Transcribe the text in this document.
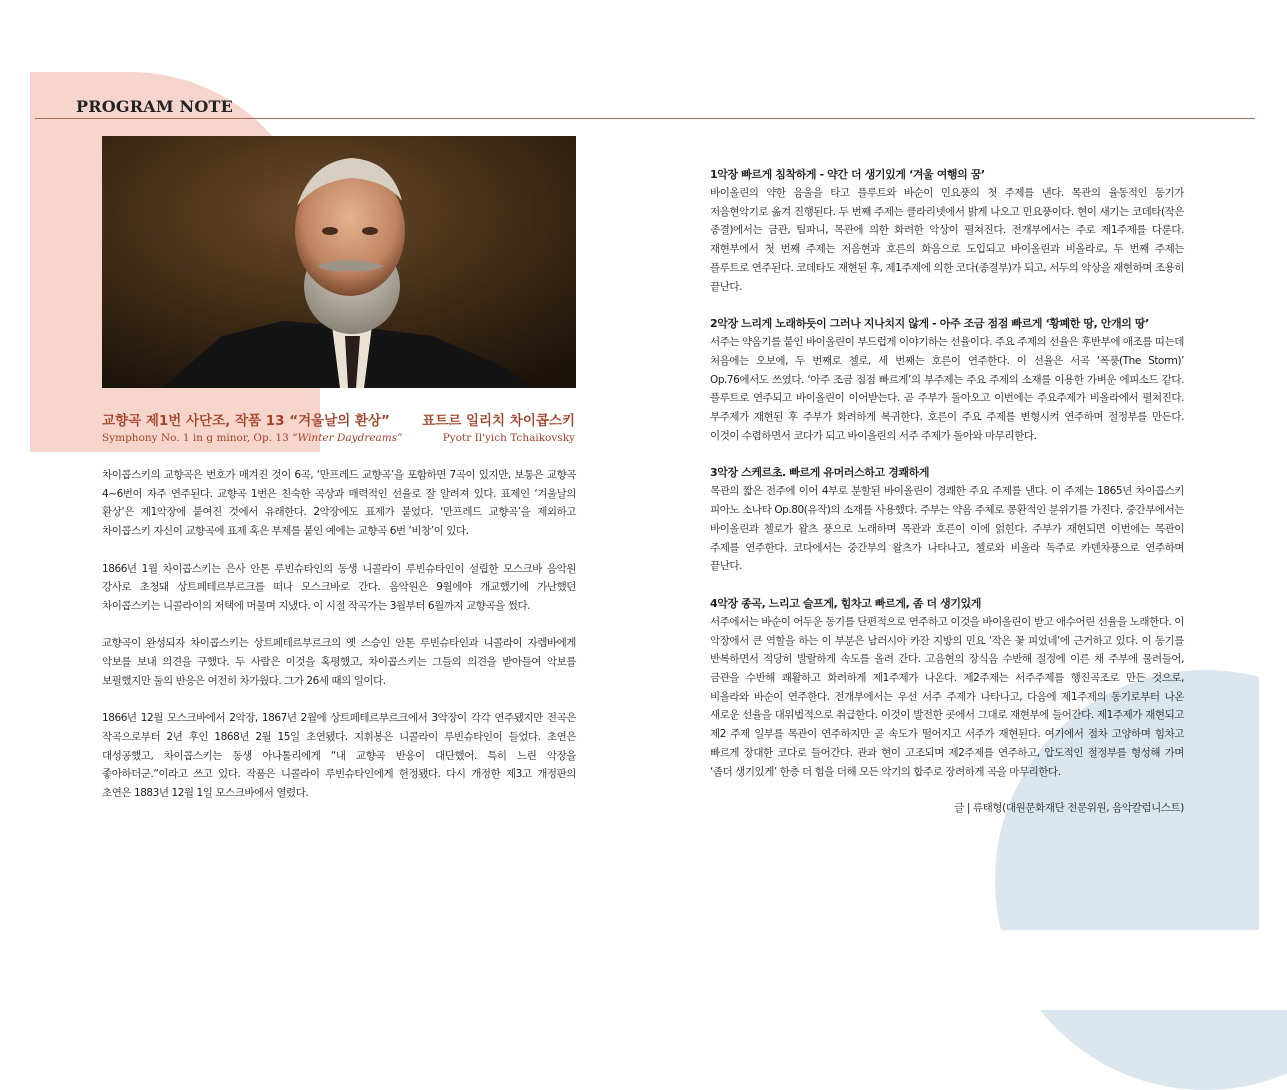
PROGRAM NOTE
교향곡 제1번 사단조, 작품 13 “겨울날의 환상” 표트르 일리치 차이콥스키
Symphony No. 1 in g minor, Op. 13 “Winter Daydreams”	Pyotr Il'yich Tchaikovsky

차이콥스키의 교향곡은 번호가 매겨진 것이 6곡, ‘만프레드 교향곡’을 포함하면 7곡이 있지만, 보통은 교향곡 4~6번이 자주 연주된다. 교향곡 1번은 친숙한 곡상과 매력적인 선율로 잘 알려져 있다. 표제인 ‘겨울날의 환상’은 제1악장에 붙여진 것에서 유래한다. 2악장에도 표제가 붙었다. ‘만프레드 교향곡’을 제외하고 차이콥스키 자신이 교향곡에 표제 혹은 부제를 붙인 예에는 교향곡 6번 ‘비창’이 있다.

1866년 1월 차이콥스키는 은사 안톤 루빈슈타인의 동생 니콜라이 루빈슈타인이 설립한 모스크바 음악원 강사로 초청돼 상트페테르부르크를 떠나 모스크바로 간다. 음악원은 9월에야 개교했기에 가난했던 차이콥스키는 니콜라이의 저택에 머물며 지냈다. 이 시절 작곡가는 3월부터 6월까지 교향곡을 썼다.

교향곡이 완성되자 차이콥스키는 상트페테르부르크의 옛 스승인 안톤 루빈슈타인과 니콜라이 자렘바에게 악보를 보내 의견을 구했다. 두 사람은 이것을 혹평했고, 차이콥스키는 그들의 의견을 받아들여 악보를 보필했지만 둘의 반응은 여전히 차가웠다. 그가 26세 때의 일이다.

1866년 12월 모스크바에서 2악장, 1867년 2월에 상트페테르부르크에서 3악장이 각각 연주됐지만 전곡은 작곡으로부터 2년 후인 1868년 2월 15일 초연됐다. 지휘봉은 니콜라이 루빈슈타인이 들었다. 초연은 대성공했고, 차이콥스키는 동생 아나톨리에게 “내 교향곡 반응이 대단했어. 특히 느린 악장을 좋아하더군.”이라고 쓰고 있다. 작품은 니콜라이 루빈슈타인에게 헌정됐다. 다시 개정한 제3고 개정판의 초연은 1883년 12월 1일 모스크바에서 열렸다.

1악장 빠르게 침착하게 - 약간 더 생기있게 ‘겨울 여행의 꿈’

바이올린의 약한 음울을 타고 플루트와 바순이 민요풍의 첫 주제를 낸다. 목관의 율동적인 동기가 저음현악기로 옮겨 진행된다. 두 번째 주제는 클라리넷에서 밝게 나오고 민요풍이다. 현이 새기는 코데타(작은 종결)에서는 금관, 팀파니, 목관에 의한 화려한 악상이 펼쳐진다. 전개부에서는 주로 제1주제를 다룬다. 재현부에서 첫 번째 주제는 저음현과 호른의 화음으로 도입되고 바이올린과 비올라로, 두 번째 주제는 플루트로 연주된다. 코데타도 재현된 후, 제1주제에 의한 코다(종결부)가 되고, 서두의 악상을 재현하며 조용히 끝난다.

2악장 느리게 노래하듯이 그러나 지나치지 않게 - 아주 조금 점점 빠르게 ‘황폐한 땅, 안개의 땅’

서주는 약음기를 붙인 바이올린이 부드럽게 이야기하는 선율이다. 주요 주제의 선율은 후반부에 애조를 띠는데 처음에는 오보에, 두 번째로 첼로, 세 번째는 호른이 연주한다. 이 선율은 서곡 ‘폭풍(The Storm)’ Op.76에서도 쓰였다. ‘아주 조금 점점 빠르게’의 부주제는 주요 주제의 소재를 이용한 가벼운 에피소드 같다. 플루트로 연주되고 바이올린이 이어받는다. 곧 주부가 돌아오고 이번에는 주요주제가 비올라에서 펼쳐진다. 부주제가 재현된 후 주부가 화려하게 복귀한다. 호른이 주요 주제를 변형시켜 연주하며 절정부를 만든다. 이것이 수렴하면서 코다가 되고 바이올린의 서주 주제가 돌아와 마무리한다.

3악장 스케르초. 빠르게 유머러스하고 경쾌하게

목관의 짧은 전주에 이어 4부로 분할된 바이올린이 경쾌한 주요 주제를 낸다. 이 주제는 1865년 차이콥스키 피아노 소나타 Op.80(유작)의 소재를 사용했다. 주부는 약음 주체로 몽환적인 분위기를 가진다. 중간부에서는 바이올린과 첼로가 왈츠 풍으로 노래하며 목관과 호른이 이에 얽힌다. 주부가 재현되면 이번에는 목관이 주제를 연주한다. 코다에서는 중간부의 왈츠가 나타나고, 첼로와 비올라 독주로 카덴차풍으로 연주하며 끝난다.

4악장 종곡, 느리고 슬프게, 힘차고 빠르게, 좀 더 생기있게

서주에서는 바순이 어두운 동기를 단편적으로 연주하고 이것을 바이올린이 받고 애수어린 선율을 노래한다. 이 악장에서 큰 역할을 하는 이 부분은 남러시아 카잔 지방의 민요 ‘작은 꽃 피었네’에 근거하고 있다. 이 동기를 반복하면서 적당히 발랄하게 속도를 올려 간다. 고음현의 장식음 수반해 절정에 이른 채 주부에 물려들어, 금관을 수반해 쾌활하고 화려하게 제1주제가 나온다. 제2주제는 서주주제를 행진곡조로 만든 것으로, 비올라와 바순이 연주한다. 전개부에서는 우선 서주 주제가 나타나고, 다음에 제1주제의 동기로부터 나온 새로운 선율을 대위법적으로 취급한다. 이것이 발전한 곳에서 그대로 재현부에 들어간다. 제1주제가 재현되고 제2 주제 일부를 목관이 연주하지만 곧 속도가 떨어지고 서주가 재현된다. 여기에서 점차 고양하며 힘차고 빠르게 장대한 코다로 들어간다. 관과 현이 고조되며 제2주제를 연주하고, 압도적인 절정부를 형성해 가며 ‘좀더 생기있게’ 한층 더 힘을 더해 모든 악기의 합주로 장려하게 곡을 마무리한다.

글 | 류태형(대원문화재단 전문위원, 음악칼럼니스트)
